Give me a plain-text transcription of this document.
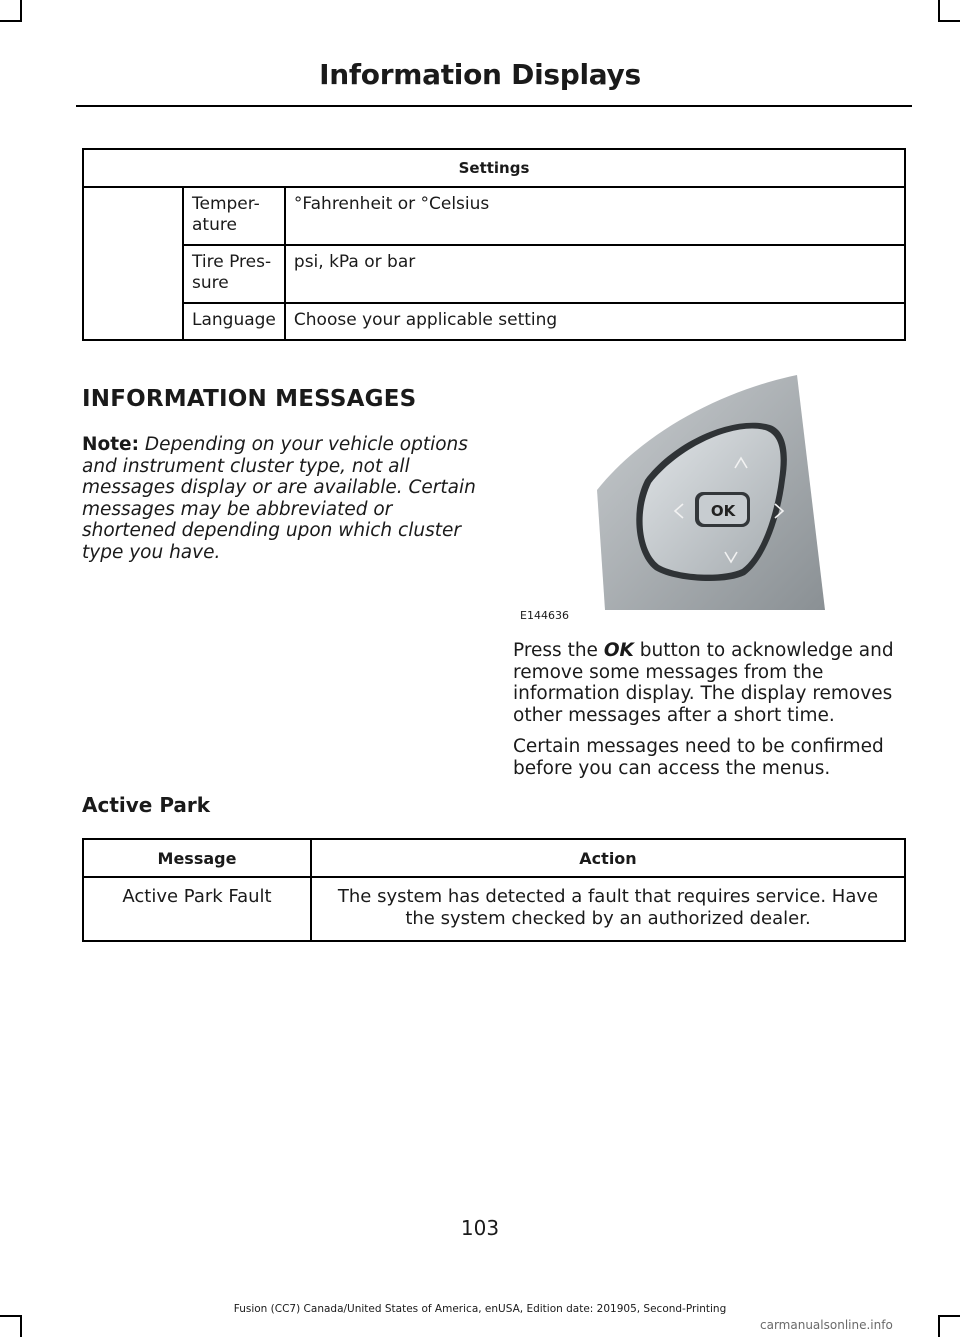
Information Displays
Settings		
	Temper-ature	°Fahrenheit or °Celsius
	Tire Pres-sure	psi, kPa or bar
	Language	Choose your applicable setting
INFORMATION MESSAGES
Note: Depending on your vehicle options and instrument cluster type, not all messages display or are available. Certain messages may be abbreviated or shortened depending upon which cluster type you have.
OK
E144636
Press the OK button to acknowledge and remove some messages from the information display. The display removes other messages after a short time.
Certain messages need to be confirmed before you can access the menus.
Active Park
Message	Action
Active Park Fault	The system has detected a fault that requires service. Have the system checked by an authorized dealer.
103
Fusion (CC7) Canada/United States of America, enUSA, Edition date: 201905, Second-Printing
carmanualsonline.info
